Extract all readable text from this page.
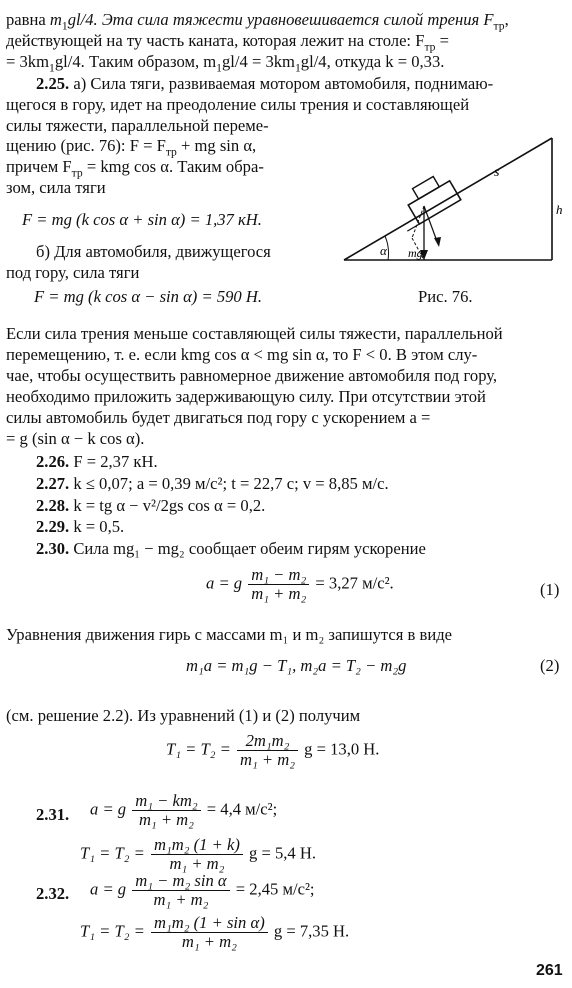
равна $m_1gl/4$. Эта сила тяжести уравновешивается силой трения $F_{тр}$,
действующей на ту часть каната, которая лежит на столе: $F_{тр}$ =
= $3km_1gl/4$. Таким образом, $m_1gl/4 = 3km_1gl/4$, откуда k = 0,33.
2.25. а) Сила тяги, развиваемая мотором автомобиля, поднимаю-
щегося в гору, идет на преодоление силы трения и составляющей
силы тяжести, параллельной переме-
щению (рис. 76): $F = F_{тр}$ + mg sin α,
причем $F_{тр}$ = kmg cos α. Таким обра-
зом, сила тяги
F = mg (k cos α + sin α) = 1,37 кН.
б) Для автомобиля, движущегося
под гору, сила тяги
F = mg (k cos α − sin α) = 590 Н.
α mg
s
h
Рис. 76.
Если сила трения меньше составляющей силы тяжести, параллельной
перемещению, т. е. если kmg cos α < mg sin α, то F < 0. В этом слу-
чае, чтобы осуществить равномерное движение автомобиля под гору,
необходимо приложить задерживающую силу. При отсутствии этой
силы автомобиль будет двигаться под гору с ускорением a =
= g (sin α − k cos α).
2.26. F = 2,37 кН.
2.27. k ≤ 0,07; a = 0,39 м/с²; t = 22,7 с; v = 8,85 м/с.
2.28. k = tg α − v²/2gs cos α = 0,2.
2.29. k = 0,5.
2.30. Сила mg₁ − mg₂ сообщает обеим гирям ускорение
a = g $\frac{\text{m₁ − m₂}}{\text{m₁ + m₂}} = 3,27$ м/с².	(1)
Уравнения движения гирь с массами m₁ и m₂ запишутся в виде
m₁a = m₁g − T₁, m₂a = T₂ − m₂g	(2)
(см. решение 2.2). Из уравнений (1) и (2) получим
$T_1 = T_2 = \frac{\text{2m₁m₂}}{\text{m₁ + m₂}}$ g = 13,0 Н.
2.31. a = g $\frac{\text{m₁ − km₂}}{\text{m₁ + m₂}} = 4,4$ м/с²;
$T_1 = T_2 = \frac{\text{m₁m₂ (1 + k)}}{\text{m₁ + m₂}}$ g = 5,4 Н.
2.32. a = g $\frac{\text{m₁ − m₂ sin α}}{\text{m₁ + m₂}} = 2,45$ м/с²;
$T_1 = T_2 = \frac{\text{m₁m₂ (1 + sin α)}}{\text{m₁ + m₂}}$ g = 7,35 Н.
261
